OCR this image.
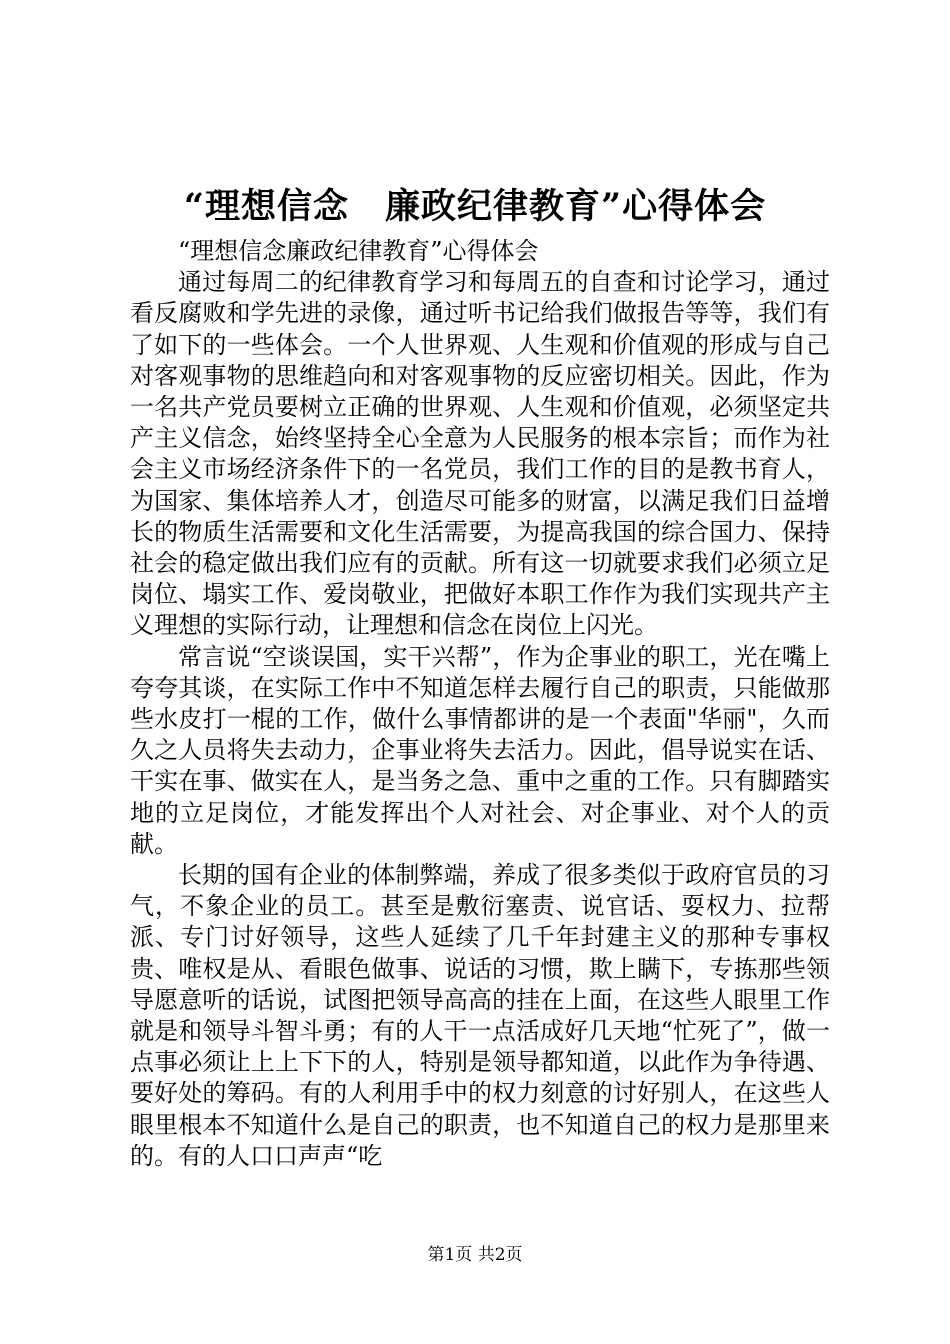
“理想信念　廉政纪律教育”心得体会

“理想信念廉政纪律教育”心得体会

通过每周二的纪律教育学习和每周五的自查和讨论学习，通过看反腐败和学先进的录像，通过听书记给我们做报告等等，我们有了如下的一些体会。一个人世界观、人生观和价值观的形成与自己对客观事物的思维趋向和对客观事物的反应密切相关。因此，作为一名共产党员要树立正确的世界观、人生观和价值观，必须坚定共产主义信念，始终坚持全心全意为人民服务的根本宗旨；而作为社会主义市场经济条件下的一名党员，我们工作的目的是教书育人，为国家、集体培养人才，创造尽可能多的财富，以满足我们日益增长的物质生活需要和文化生活需要，为提高我国的综合国力、保持社会的稳定做出我们应有的贡献。所有这一切就要求我们必须立足岗位、塌实工作、爱岗敬业，把做好本职工作作为我们实现共产主义理想的实际行动，让理想和信念在岗位上闪光。

常言说“空谈误国，实干兴帮”，作为企事业的职工，光在嘴上夸夸其谈，在实际工作中不知道怎样去履行自己的职责，只能做那些水皮打一棍的工作，做什么事情都讲的是一个表面"华丽"，久而久之人员将失去动力，企事业将失去活力。因此，倡导说实在话、干实在事、做实在人，是当务之急、重中之重的工作。只有脚踏实地的立足岗位，才能发挥出个人对社会、对企事业、对个人的贡献。

长期的国有企业的体制弊端，养成了很多类似于政府官员的习气，不象企业的员工。甚至是敷衍塞责、说官话、耍权力、拉帮派、专门讨好领导，这些人延续了几千年封建主义的那种专事权贵、唯权是从、看眼色做事、说话的习惯，欺上瞒下，专拣那些领导愿意听的话说，试图把领导高高的挂在上面，在这些人眼里工作就是和领导斗智斗勇；有的人干一点活成好几天地“忙死了”，做一点事必须让上上下下的人，特别是领导都知道，以此作为争待遇、要好处的筹码。有的人利用手中的权力刻意的讨好别人，在这些人眼里根本不知道什么是自己的职责，也不知道自己的权力是那里来的。有的人口口声声“吃

第1页 共2页
